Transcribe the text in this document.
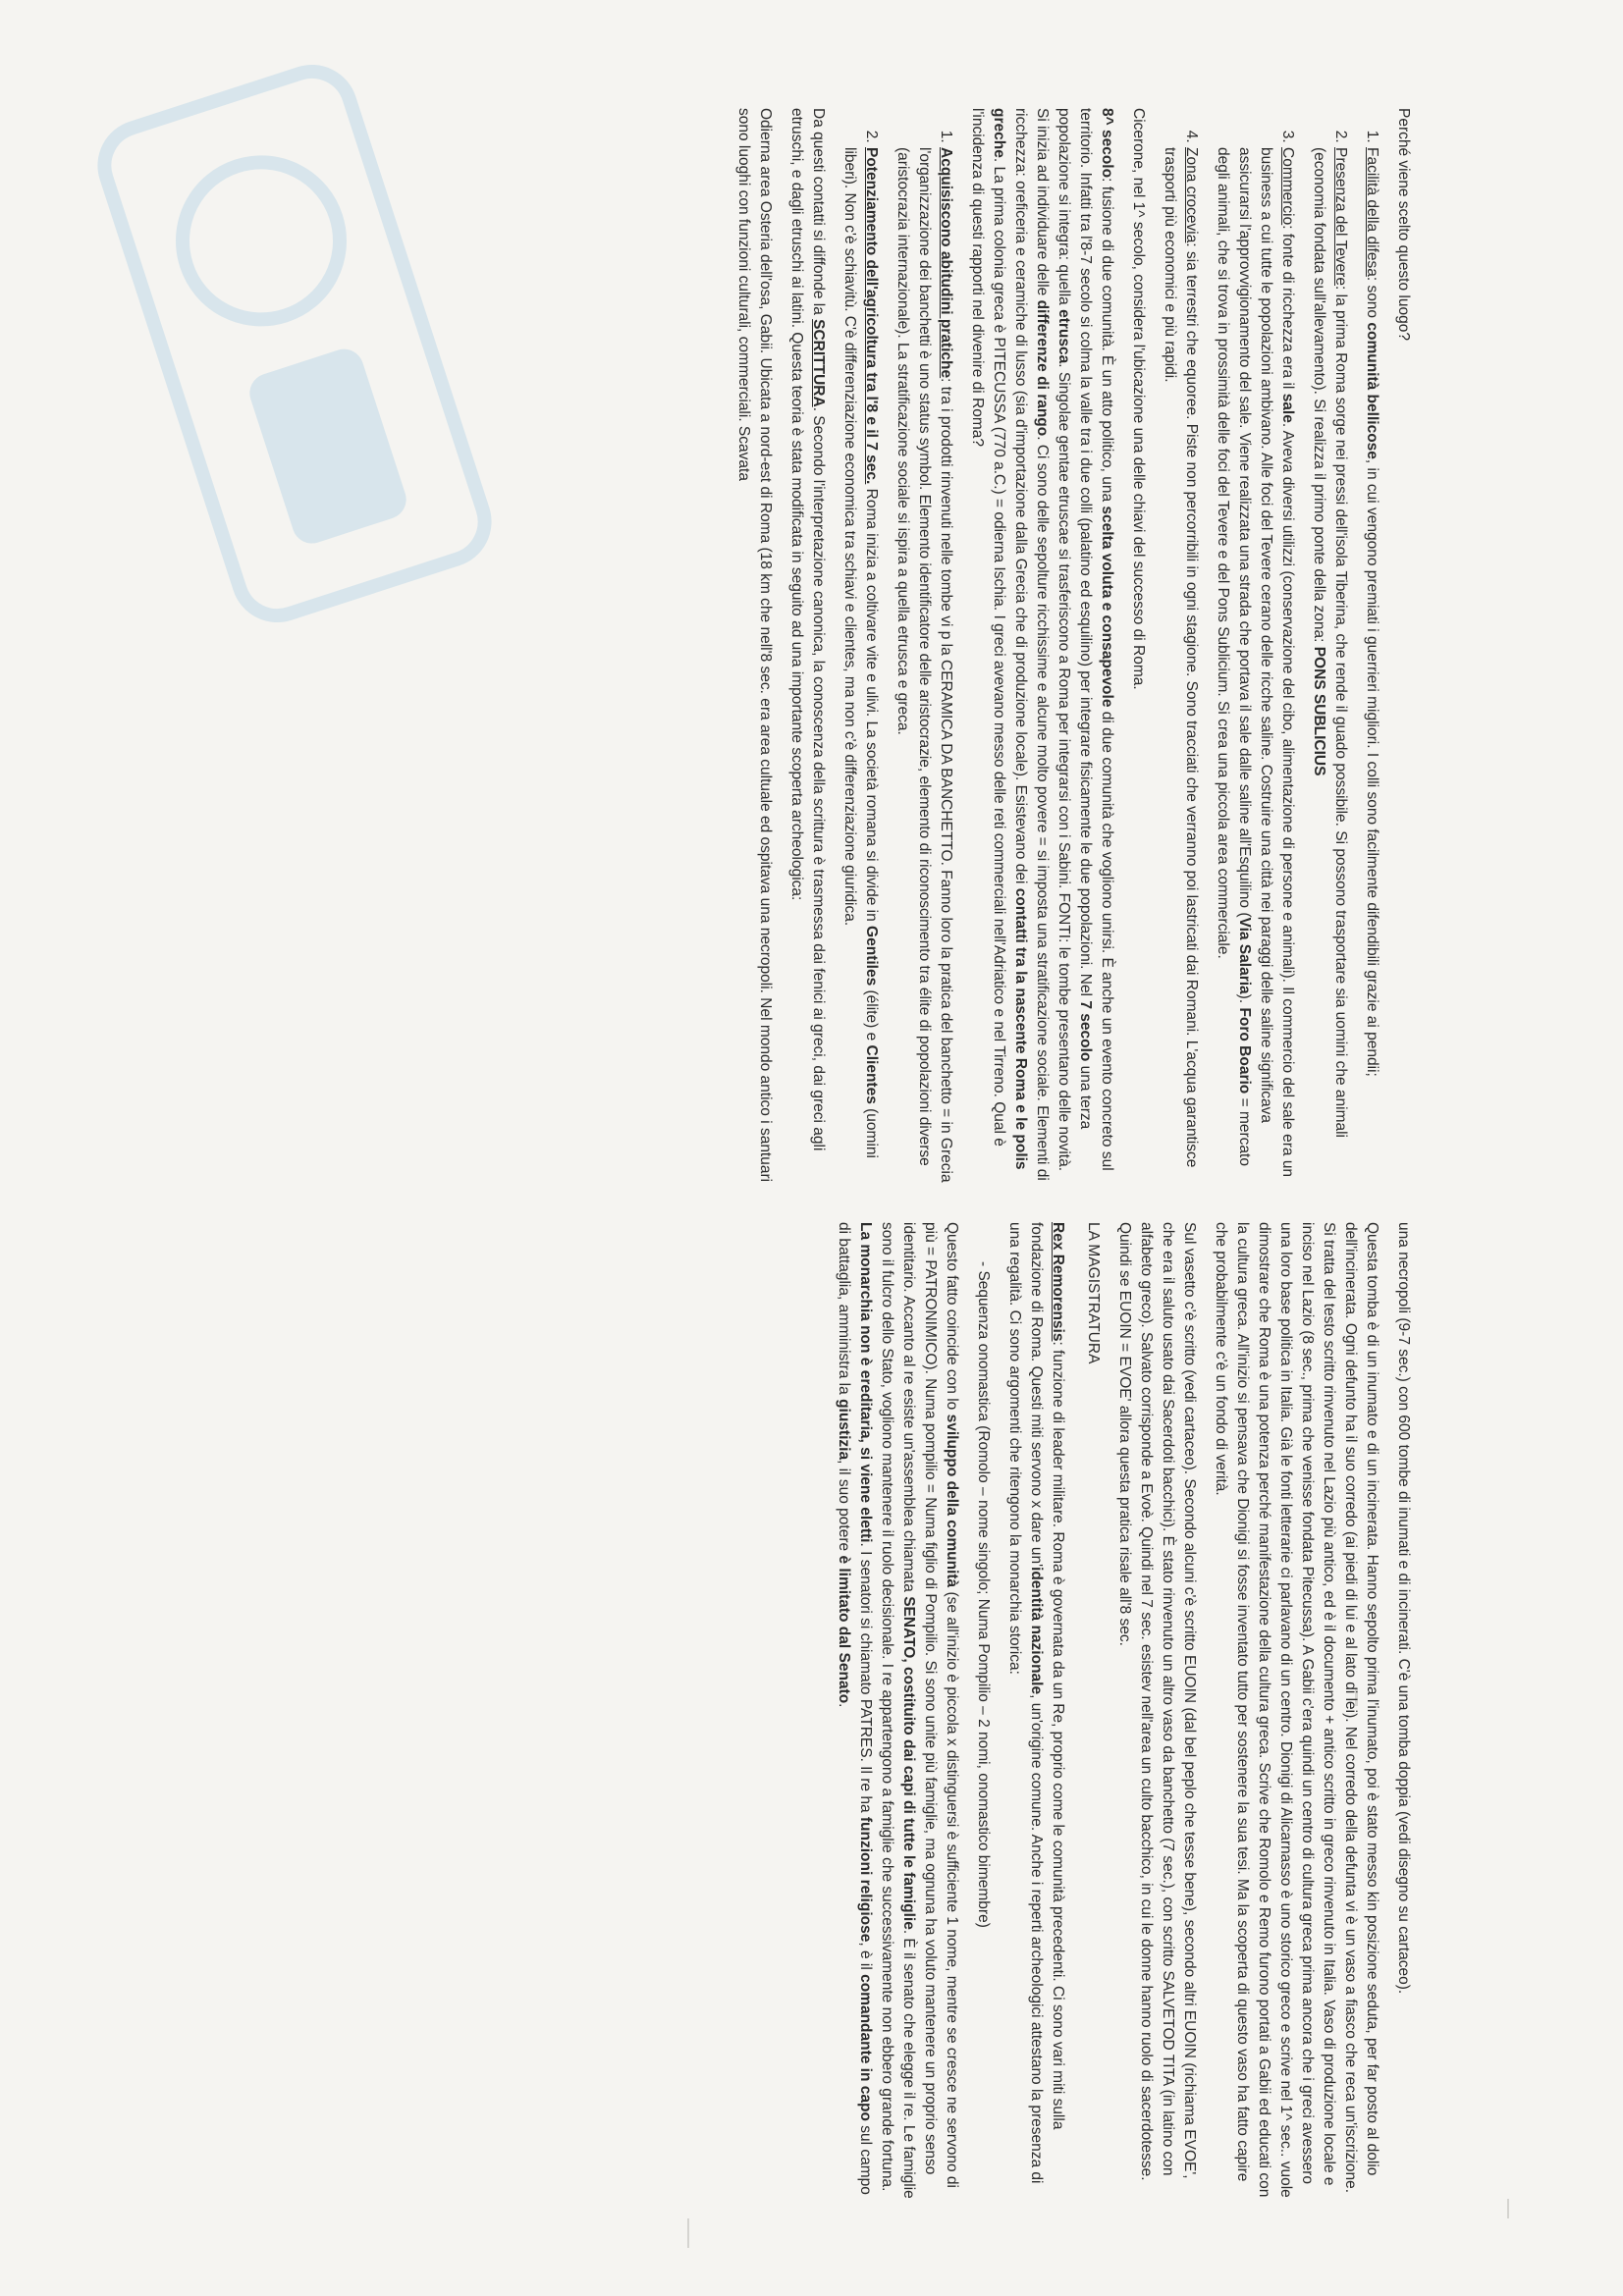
Perché viene scelto questo luogo?

1. Facilità della difesa: sono comunità bellicose, in cui vengono premiati i guerrieri migliori. I colli sono facilmente difendibili grazie ai pendii;
2. Presenza del Tevere: la prima Roma sorge nei pressi dell'isola Tiberina, che rende il guado possibile. Si possono trasportare sia uomini che animali (economia fondata sull'allevamento). Si realizza il primo ponte della zona: PONS SUBLICIUS
3. Commercio: fonte di ricchezza era il sale. Aveva diversi utilizzi (conservazione del cibo, alimentazione di persone e animali). Il commercio del sale era un business a cui tutte le popolazioni ambivano. Alle foci del Tevere cerano delle ricche saline. Costruire una città nei paraggi delle saline significava assicurarsi l'approvvigionamento del sale. Viene realizzata una strada che portava il sale dalle saline all'Esquilino (Via Salaria). Foro Boario = mercato degli animali, che si trova in prossimità delle foci del Tevere e del Pons Sublicium. Si crea una piccola area commerciale.
4. Zona crocevia: sia terrestri che equoree. Piste non percorribili in ogni stagione. Sono tracciati che verranno poi lastricati dai Romani. L'acqua garantisce trasporti più economici e più rapidi.

Cicerone, nel 1^ secolo, considera l'ubicazione una delle chiavi del successo di Roma.

8^ secolo: fusione di due comunità. È un atto politico, una scelta voluta e consapevole di due comunità che vogliono unirsi. È anche un evento concreto sul territorio. Infatti tra l'8-7 secolo si colma la valle tra i due colli (palatino ed esquilino) per integrare fisicamente le due popolazioni. Nel 7 secolo una terza popolazione si integra: quella etrusca. Singolae gentae etruscae si trasferiscono a Roma per integrarsi con i Sabini. FONTI: le tombe presentano delle novità. Si inizia ad individuare delle differenze di rango. Ci sono delle sepolture ricchissime e alcune molto povere = si imposta una stratificazione sociale. Elementi di ricchezza: oreficeria e ceramiche di lusso (sia d'importazione dalla Grecia che di produzione locale). Esistevano dei contatti tra la nascente Roma e le polis greche. La prima colonia greca è PITECUSSA (770 a.C.) = odierna Ischia. I greci avevano messo delle reti commerciali nell'Adriatico e nel Tirreno. Qual è l'incidenza di questi rapporti nel divenire di Roma?

1. Acquisiscono abitudini pratiche: tra i prodotti rinvenuti nelle tombe vi p la CERAMICA DA BANCHETTO. Fanno loro la pratica del banchetto = in Grecia l'organizzazione dei banchetti è uno status symbol. Elemento identificatore delle aristocrazie, elemento di riconoscimento tra élite di popolazioni diverse (aristocrazia internazionale). La stratificazione sociale si ispira a quella etrusca e greca.
2. Potenziamento dell'agricoltura tra l'8 e il 7 sec. Roma inizia a coltivare vite e ulivi. La società romana si divide in Gentiles (élite) e Clientes (uomini liberi). Non c'è schiavitù. C'è differenziazione economica tra schiavi e clientes, ma non c'è differenziazione giuridica.

Da questi contatti si diffonde la SCRITTURA. Secondo l'interpretazione canonica, la conoscenza della scrittura è trasmessa dai fenici ai greci, dai greci agli etruschi, e dagli etruschi ai latini. Questa teoria è stata modificata in seguito ad una importante scoperta archeologica:

Odierna area Osteria dell'osa, Gabii. Ubicata a nord-est di Roma (18 km che nell'8 sec. era area cultuale ed ospitava una necropoli. Nel mondo antico i santuari sono luoghi con funzioni culturali, commerciali. Scavata

una necropoli (9-7 sec.) con 600 tombe di inumati e di incinerati. C'è una tomba doppia (vedi disegno su cartaceo).

Questa tomba è di un inumato e di un incinerata. Hanno sepolto prima l'inumato, poi è stato messo kin posizione seduta, per far posto al dolio dell'incinerata. Ogni defunto ha il suo corredo (ai piedi di lui e al lato di lei). Nel corredo della defunta vi è un vaso a fiasco che reca un'iscrizione. Si tratta del testo scritto rinvenuto nel Lazio più antico, ed è il documento + antico scritto in greco rinvenuto in Italia. Vaso di produzione locale e inciso nel Lazio (8 sec., prima che venisse fondata Pitecussa). A Gabii c'era quindi un centro di cultura greca prima ancora che i greci avessero una loro base politica in Italia. Già le fonti letterarie ci parlavano di un centro. Dionigi di Alicarnasso è uno storico greco e scrive nel 1^ sec.. vuole dimostrare che Roma è una potenza perché manifestazione della cultura greca. Scrive che Romolo e Remo furono portati a Gabii ed educati con la cultura greca. All'inizio si pensava che Dionigi si fosse inventato tutto per sostenere la sua tesi. Ma la scoperta di questo vaso ha fatto capire che probabilmente c'è un fondo di verità.

Sul vasetto c'è scritto (vedi cartaceo). Secondo alcuni c'è scritto EUOIN (dal bel peplo che tesse bene), secondo altri EUOIN (richiama EVOE', che era il saluto usato dai Sacerdoti bacchici). È stato rinvenuto un altro vaso da banchetto (7 sec.), con scritto SALVETOD TITA (in latino con alfabeto greco). Salvato corrisponde a Evoè. Quindi nel 7 sec. esistev nell'area un culto bacchico, in cui le donne hanno ruolo di sacerdotesse. Quindi se EUOIN = EVOE' allora questa pratica risale all'8 sec.

LA MAGISTRATURA

Rex Remorensis: funzione di leader militare. Roma è governata da un Re, proprio come le comunità precedenti. Ci sono vari miti sulla fondazione di Roma. Questi miti servono x dare un'identità nazionale, un'origine comune. Anche i reperti archeologici attestano la presenza di una regalità. Ci sono argomenti che ritengono la monarchia storica:

- Sequenza onomastica (Romolo – nome singolo; Numa Pompilio – 2 nomi, onomastico bimembre)

Questo fatto coincide con lo sviluppo della comunità (se all'inizio è piccola x distinguersi è sufficiente 1 nome, mentre se cresce ne servono di più = PATRONIMICO). Numa pompilio = Numa figlio di Pompilio. Si sono unite più famiglie, ma ognuna ha voluto mantenere un proprio senso identitario. Accanto al re esiste un'assemblea chiamata SENATO, costituito dai capi di tutte le famiglie. È il senato che elegge il re. Le famiglie sono il fulcro dello Stato, vogliono mantenere il ruolo decisionale. I re appartengono a famiglie che successivamente non ebbero grande fortuna. La monarchia non è ereditaria, si viene eletti. I senatori si chiamato PATRES. Il re ha funzioni religiose, è il comandante in capo sul campo di battaglia, amministra la giustizia, il suo potere è limitato dal Senato.
